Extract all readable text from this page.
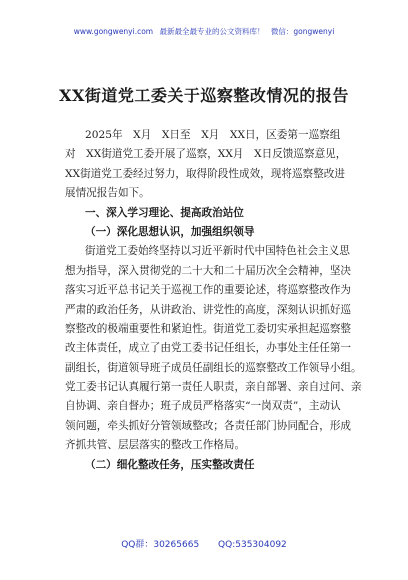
www.gongwenyi.com 最新最全最专业的公文资料库！ 微信：gongwenyi
XX街道党工委关于巡察整改情况的报告
2025年　X月　X日至　X月　XX日，区委第一巡察组
对　XX街道党工委开展了巡察，XX月　X日反馈巡察意见，
XX街道党工委经过努力，取得阶段性成效，现将巡察整改进
展情况报告如下。
一、深入学习理论、提高政治站位
（一）深化思想认识，加强组织领导
街道党工委始终坚持以习近平新时代中国特色社会主义思
想为指导，深入贯彻党的二十大和二十届历次全会精神，坚决
落实习近平总书记关于巡视工作的重要论述，将巡察整改作为
严肃的政治任务，从讲政治、讲党性的高度，深刻认识抓好巡
察整改的极端重要性和紧迫性。街道党工委切实承担起巡察整
改主体责任，成立了由党工委书记任组长，办事处主任任第一
副组长，街道领导班子成员任副组长的巡察整改工作领导小组。
党工委书记认真履行第一责任人职责，亲自部署、亲自过问、亲
自协调、亲自督办；班子成员严格落实“一岗双责”，主动认
领问题，牵头抓好分管领域整改；各责任部门协同配合，形成
齐抓共管、层层落实的整改工作格局。
（二）细化整改任务，压实整改责任
QQ群：30265665 QQ:535304092
